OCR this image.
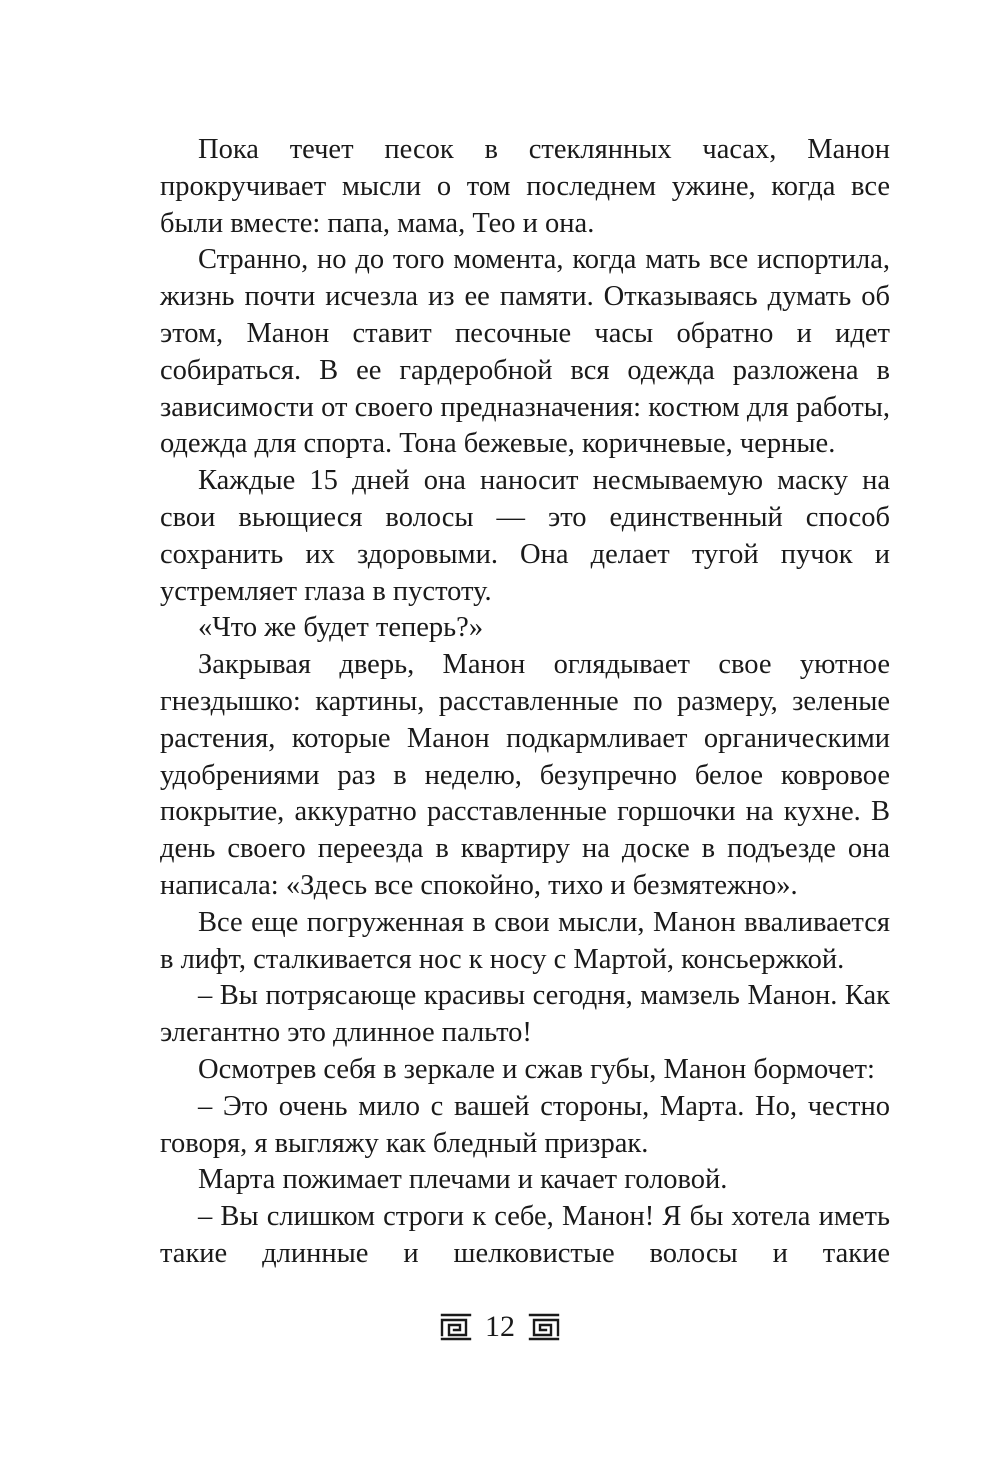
Пока течет песок в стеклянных часах, Манон прокручивает мысли о том последнем ужине, когда все были вместе: папа, мама, Тео и она.

Странно, но до того момента, когда мать все испортила, жизнь почти исчезла из ее памяти. Отказываясь думать об этом, Манон ставит песочные часы обратно и идет собираться. В ее гардеробной вся одежда разложена в зависимости от своего предназначения: костюм для работы, одежда для спорта. Тона бежевые, коричневые, черные.

Каждые 15 дней она наносит несмываемую маску на свои вьющиеся волосы — это единственный способ сохранить их здоровыми. Она делает тугой пучок и устремляет глаза в пустоту.

«Что же будет теперь?»

Закрывая дверь, Манон оглядывает свое уютное гнездышко: картины, расставленные по размеру, зеленые растения, которые Манон подкармливает органическими удобрениями раз в неделю, безупречно белое ковровое покрытие, аккуратно расставленные горшочки на кухне. В день своего переезда в квартиру на доске в подъезде она написала: «Здесь все спокойно, тихо и безмятежно».

Все еще погруженная в свои мысли, Манон вваливается в лифт, сталкивается нос к носу с Мартой, консьержкой.

– Вы потрясающе красивы сегодня, мамзель Манон. Как элегантно это длинное пальто!

Осмотрев себя в зеркале и сжав губы, Манон бормочет:

– Это очень мило с вашей стороны, Марта. Но, честно говоря, я выгляжу как бледный призрак.

Марта пожимает плечами и качает головой.

– Вы слишком строги к себе, Манон! Я бы хотела иметь такие длинные и шелковистые волосы и такие

12
